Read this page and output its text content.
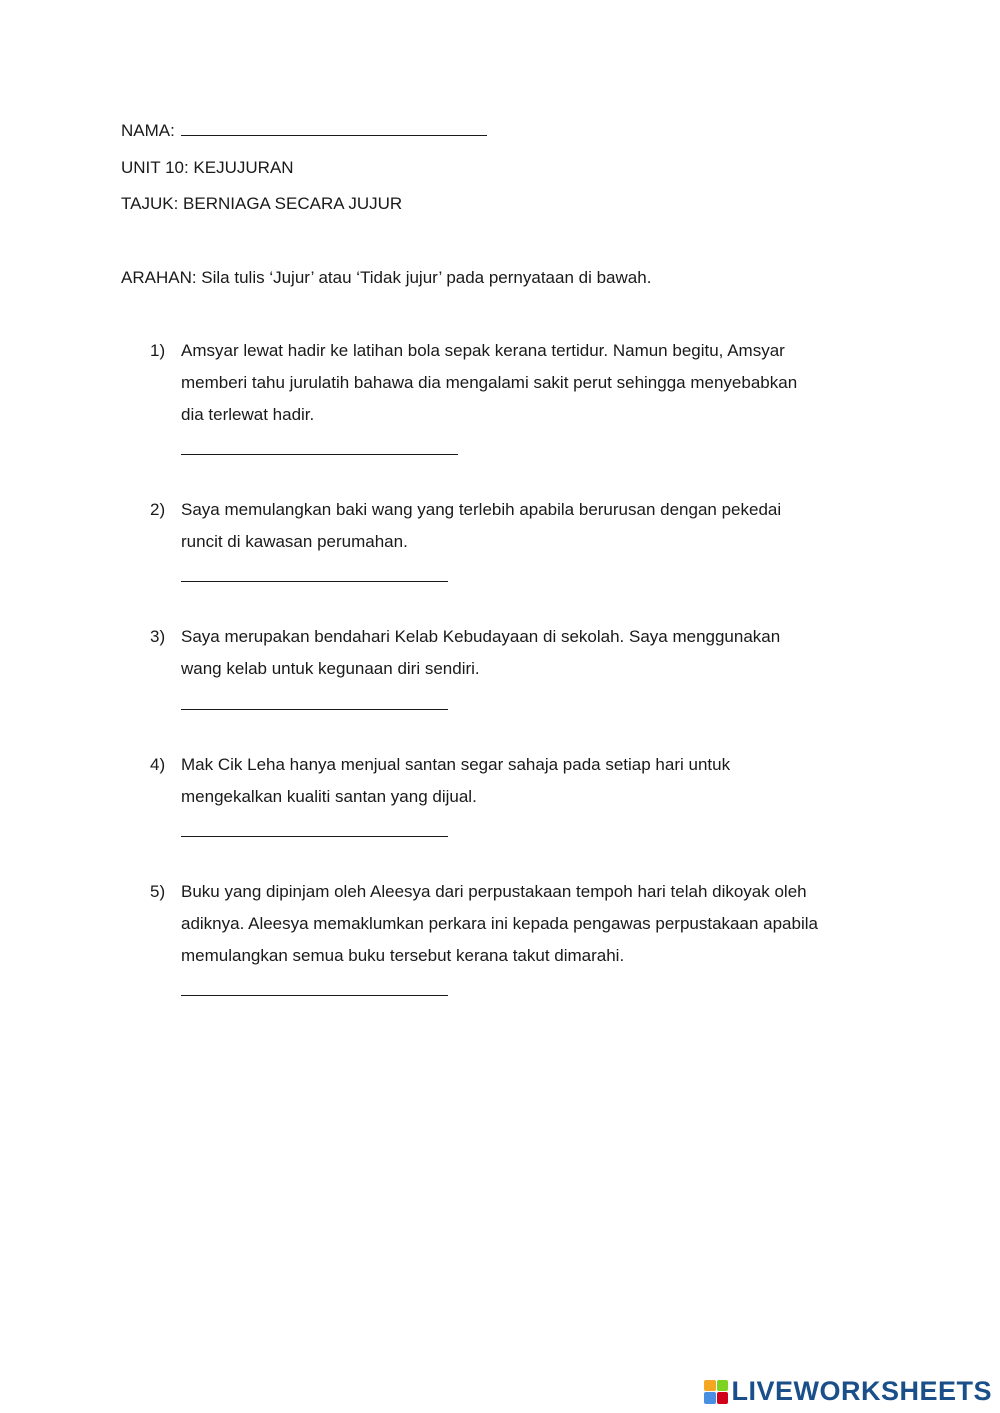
NAMA:
UNIT 10: KEJUJURAN
TAJUK: BERNIAGA SECARA JUJUR
ARAHAN: Sila tulis ‘Jujur’ atau ‘Tidak jujur’ pada pernyataan di bawah.
1) Amsyar lewat hadir ke latihan bola sepak kerana tertidur. Namun begitu, Amsyar
memberi tahu jurulatih bahawa dia mengalami sakit perut sehingga menyebabkan
dia terlewat hadir.
2) Saya memulangkan baki wang yang terlebih apabila berurusan dengan pekedai
runcit di kawasan perumahan.
3) Saya merupakan bendahari Kelab Kebudayaan di sekolah. Saya menggunakan
wang kelab untuk kegunaan diri sendiri.
4) Mak Cik Leha hanya menjual santan segar sahaja pada setiap hari untuk
mengekalkan kualiti santan yang dijual.
5) Buku yang dipinjam oleh Aleesya dari perpustakaan tempoh hari telah dikoyak oleh
adiknya. Aleesya memaklumkan perkara ini kepada pengawas perpustakaan apabila
memulangkan semua buku tersebut kerana takut dimarahi.
LIVEWORKSHEETS
